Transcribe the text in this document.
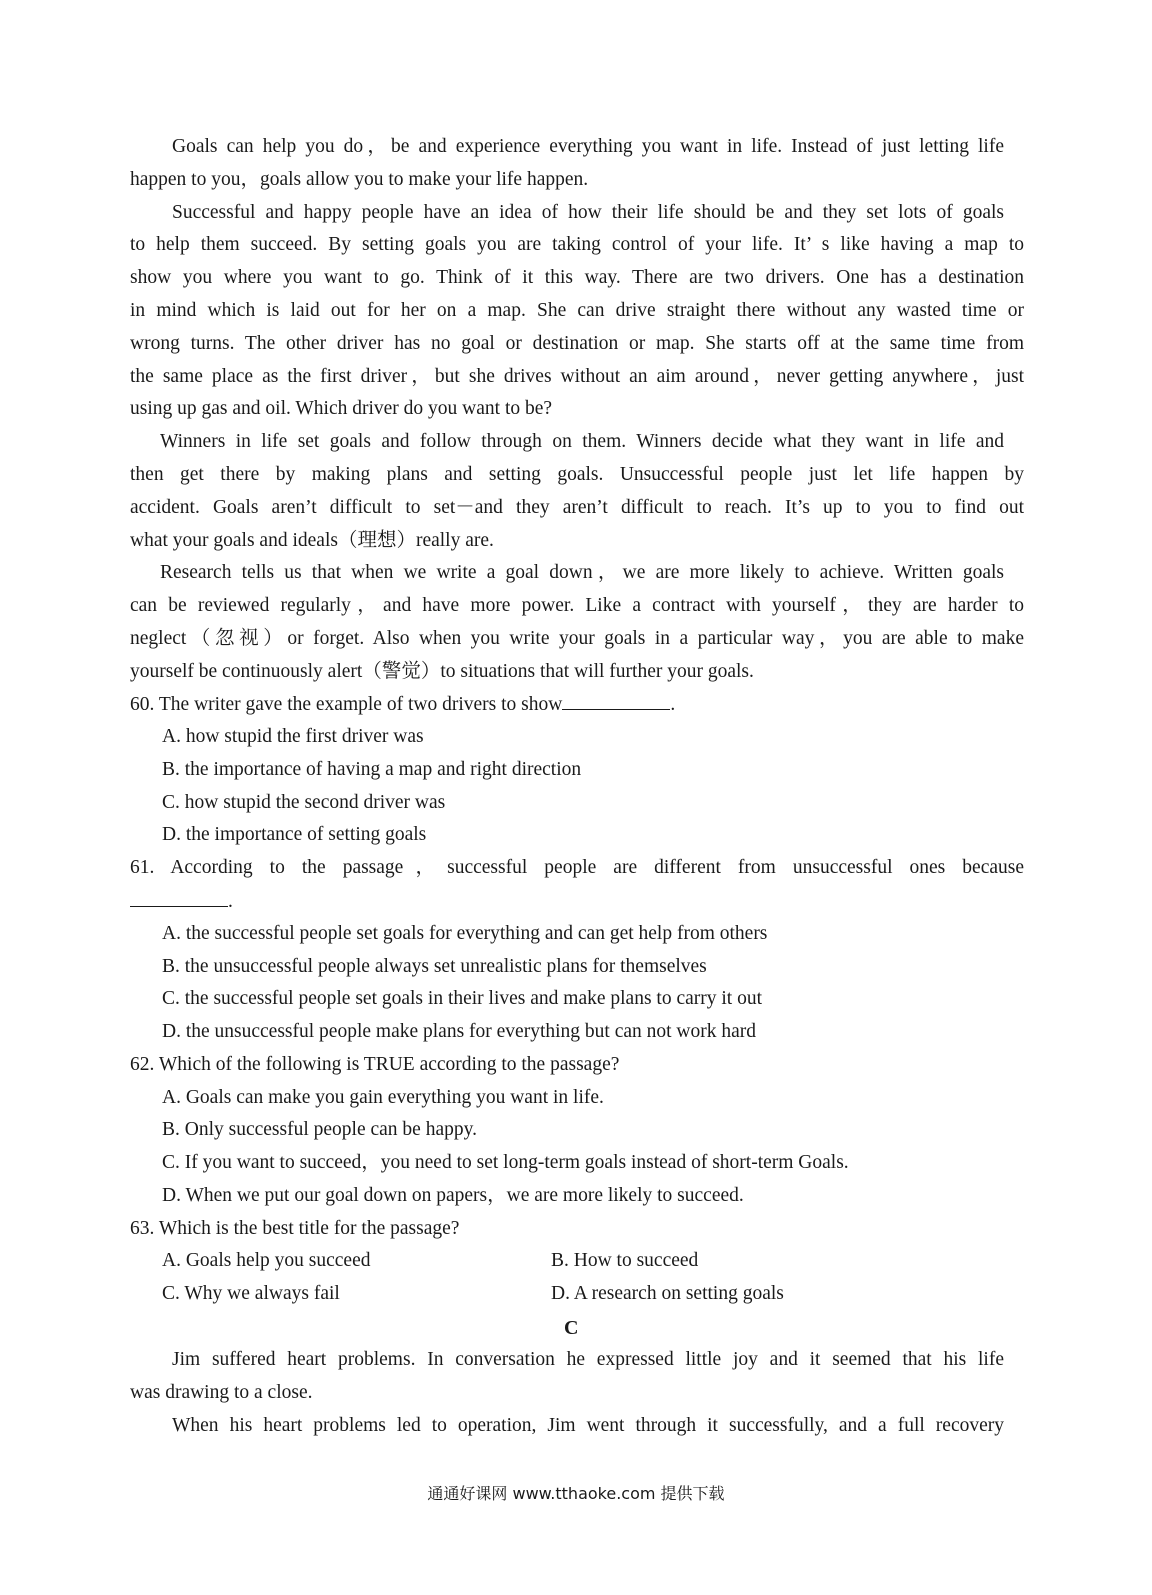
Goals can help you do，be and experience everything you want in life. Instead of just letting life
happen to you，goals allow you to make your life happen.
Successful and happy people have an idea of how their life should be and they set lots of goals
to help them succeed. By setting goals you are taking control of your life. It’ s like having a map to
show you where you want to go. Think of it this way. There are two drivers. One has a destination
in mind which is laid out for her on a map. She can drive straight there without any wasted time or
wrong turns. The other driver has no goal or destination or map. She starts off at the same time from
the same place as the first driver，but she drives without an aim around，never getting anywhere，just
using up gas and oil. Which driver do you want to be?
Winners in life set goals and follow through on them. Winners decide what they want in life and
then get there by making plans and setting goals. Unsuccessful people just let life happen by
accident. Goals aren’t difficult to set－and they aren’t difficult to reach. It’s up to you to find out
what your goals and ideals（理想）really are.
Research tells us that when we write a goal down，we are more likely to achieve. Written goals
can be reviewed regularly，and have more power. Like a contract with yourself，they are harder to
neglect（忽视）or forget. Also when you write your goals in a particular way，you are able to make
yourself be continuously alert（警觉）to situations that will further your goals.
60. The writer gave the example of two drivers to show	.
A. how stupid the first driver was
B. the importance of having a map and right direction
C. how stupid the second driver was
D. the importance of setting goals
61. According to the passage，successful people are different from unsuccessful ones because
.
A. the successful people set goals for everything and can get help from others
B. the unsuccessful people always set unrealistic plans for themselves
C. the successful people set goals in their lives and make plans to carry it out
D. the unsuccessful people make plans for everything but can not work hard
62. Which of the following is TRUE according to the passage?
A. Goals can make you gain everything you want in life.
B. Only successful people can be happy.
C. If you want to succeed，you need to set long-term goals instead of short-term Goals.
D. When we put our goal down on papers，we are more likely to succeed.
63. Which is the best title for the passage?
A. Goals help you succeed	B. How to succeed
C. Why we always fail	D. A research on setting goals
C
Jim suffered heart problems. In conversation he expressed little joy and it seemed that his life
was drawing to a close.
When his heart problems led to operation, Jim went through it successfully, and a full recovery
通通好课网 www.tthaoke.com 提供下载
